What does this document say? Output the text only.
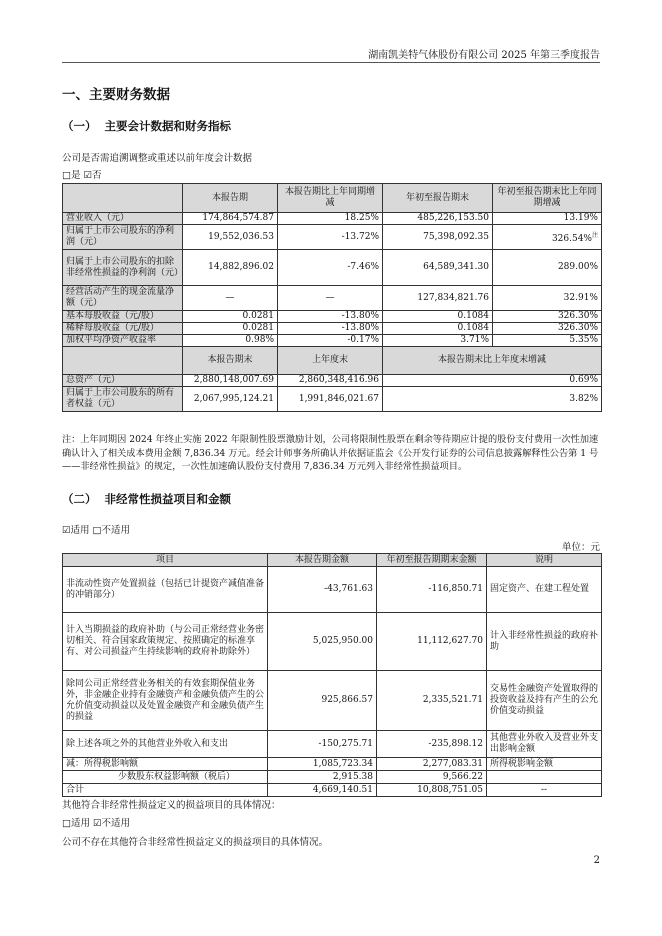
湖南凯美特气体股份有限公司 2025 年第三季度报告
一、主要财务数据
（一）  主要会计数据和财务指标
公司是否需追溯调整或重述以前年度会计数据
□是 ☑否
	本报告期	本报告期比上年同期增减	年初至报告期末	年初至报告期末比上年同期增减
营业收入（元）	174,864,574.87	18.25%	485,226,153.50	13.19%
归属于上市公司股东的净利润（元）	19,552,036.53	-13.72%	75,398,092.35	326.54%$^注$
归属于上市公司股东的扣除非经常性损益的净利润（元）	14,882,896.02	-7.46%	64,589,341.30	289.00%
经营活动产生的现金流量净额（元）	—	—	127,834,821.76	32.91%
基本每股收益（元/股）	0.0281	-13.80%	0.1084	326.30%
稀释每股收益（元/股）	0.0281	-13.80%	0.1084	326.30%
加权平均净资产收益率	0.98%	-0.17%	3.71%	5.35%
	本报告期末	上年度末	本报告期末比上年度末增减	
总资产（元）	2,880,148,007.69	2,860,348,416.96	0.69%	
归属于上市公司股东的所有者权益（元）	2,067,995,124.21	1,991,846,021.67	3.82%	
注：上年同期因 2024 年终止实施 2022 年限制性股票激励计划，公司将限制性股票在剩余等待期应计提的股份支付费用一次性加速确认计入了相关成本费用金额 7,836.34 万元。经会计师事务所确认并依据证监会《公开发行证券的公司信息披露解释性公告第 1 号——非经常性损益》的规定，一次性加速确认股份支付费用 7,836.34 万元列入非经常性损益项目。
（二）  非经常性损益项目和金额
☑适用 □不适用
单位：元
项目	本报告期金额	年初至报告期期末金额	说明
非流动性资产处置损益（包括已计提资产减值准备的冲销部分）	-43,761.63	-116,850.71	固定资产、在建工程处置
计入当期损益的政府补助（与公司正常经营业务密切相关、符合国家政策规定、按照确定的标准享有、对公司损益产生持续影响的政府补助除外）	5,025,950.00	11,112,627.70	计入非经常性损益的政府补助
除同公司正常经营业务相关的有效套期保值业务外，非金融企业持有金融资产和金融负债产生的公允价值变动损益以及处置金融资产和金融负债产生的损益	925,866.57	2,335,521.71	交易性金融资产处置取得的投资收益及持有产生的公允价值变动损益
除上述各项之外的其他营业外收入和支出	-150,275.71	-235,898.12	其他营业外收入及营业外支出影响金额
减：所得税影响额	1,085,723.34	2,277,083.31	所得税影响金额
少数股东权益影响额（税后）	2,915.38	9,566.22	
合计	4,669,140.51	10,808,751.05	--
其他符合非经常性损益定义的损益项目的具体情况：
□适用 ☑不适用
公司不存在其他符合非经常性损益定义的损益项目的具体情况。
2
